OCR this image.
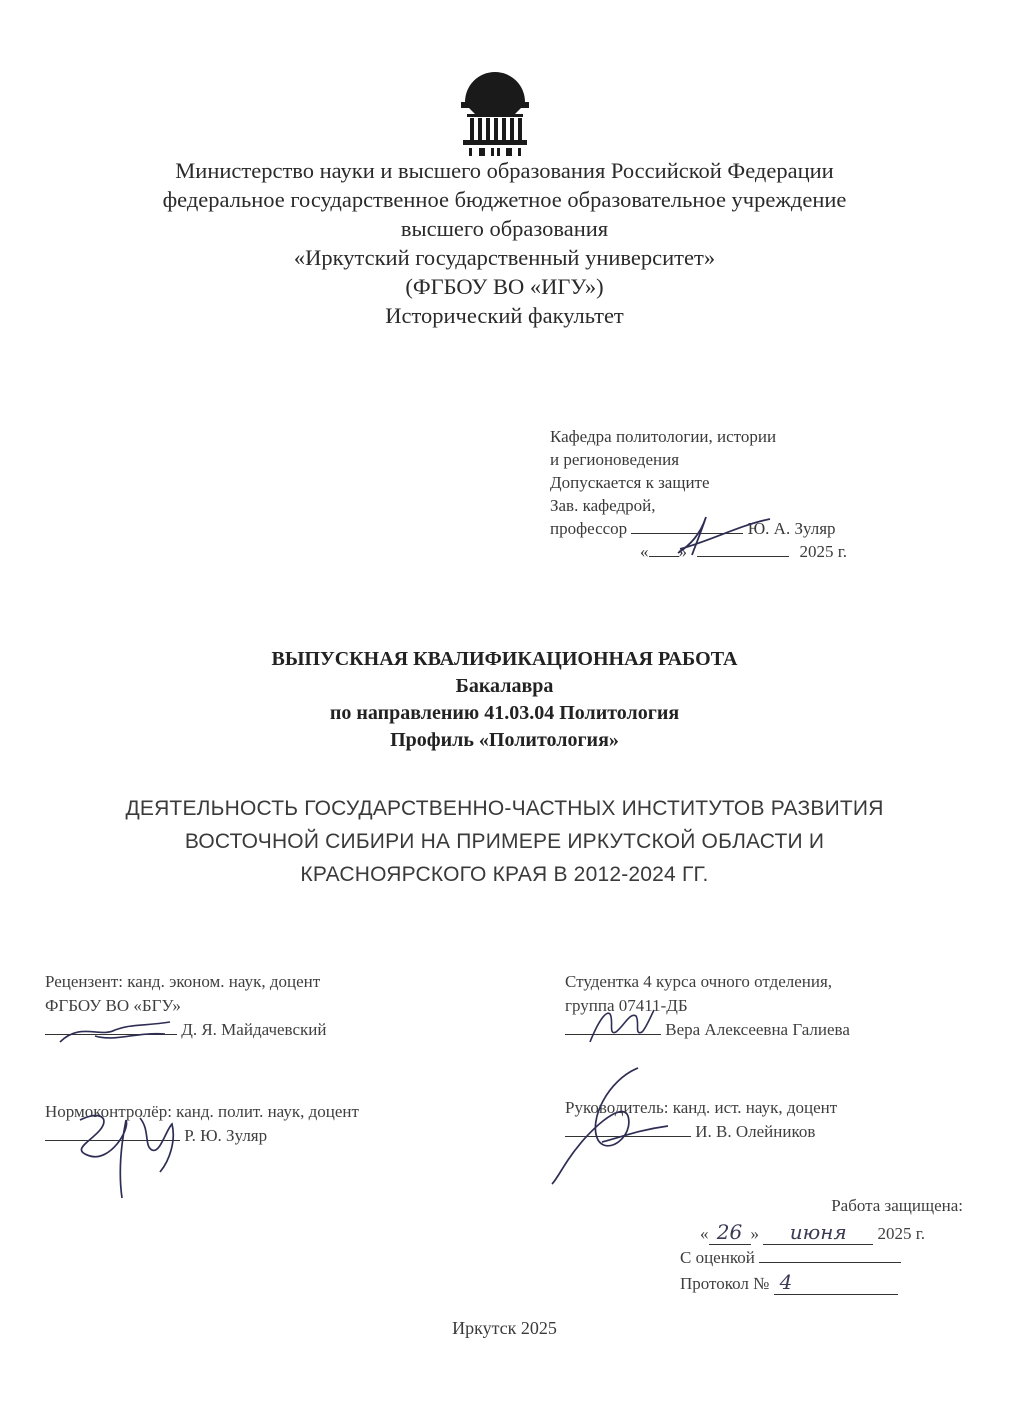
Министерство науки и высшего образования Российской Федерации
федеральное государственное бюджетное образовательное учреждение
высшего образования
«Иркутский государственный университет»
(ФГБОУ ВО «ИГУ»)
Исторический факультет
Кафедра политологии, истории
и регионоведения
Допускается к защите
Зав. кафедрой,
профессор	Ю. А. Зуляр
« »	2025 г.
ВЫПУСКНАЯ КВАЛИФИКАЦИОННАЯ РАБОТА
Бакалавра
по направлению 41.03.04 Политология
Профиль «Политология»
ДЕЯТЕЛЬНОСТЬ ГОСУДАРСТВЕННО-ЧАСТНЫХ ИНСТИТУТОВ РАЗВИТИЯ
ВОСТОЧНОЙ СИБИРИ НА ПРИМЕРЕ ИРКУТСКОЙ ОБЛАСТИ И
КРАСНОЯРСКОГО КРАЯ В 2012-2024 ГГ.
Рецензент: канд. эконом. наук, доцент
ФГБОУ ВО «БГУ»
Д. Я. Майдачевский
Студентка 4 курса очного отделения,
группа 07411-ДБ
Вера Алексеевна Галиева
Нормоконтролёр: канд. полит. наук, доцент
Р. Ю. Зуляр
Руководитель: канд. ист. наук, доцент
И. В. Олейников
Работа защищена:
« 26 » июня 2025 г.
С оценкой
Протокол № 4
Иркутск 2025
